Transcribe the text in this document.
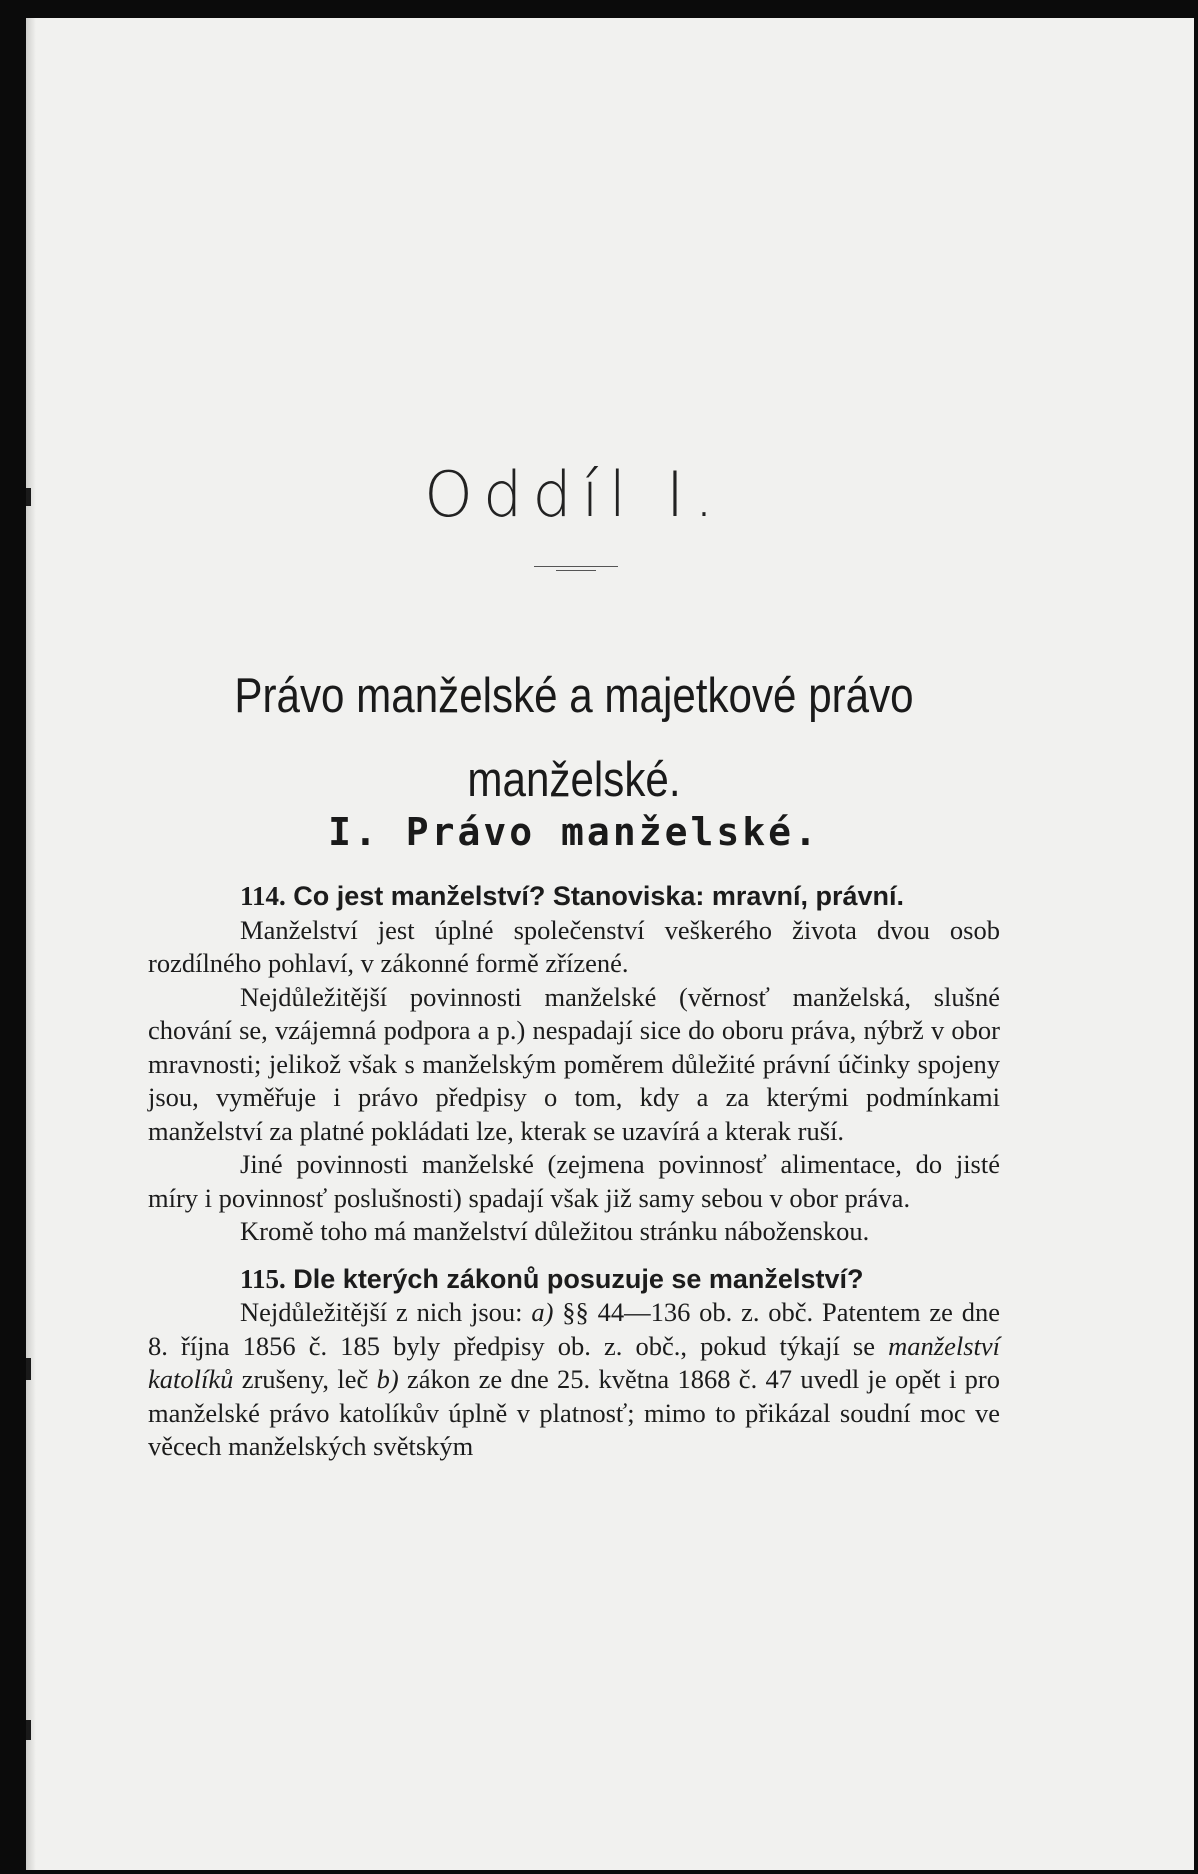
Oddíl I.
Právo manželské a majetkové právo manželské.
I. Právo manželské.
114. Co jest manželství? Stanoviska: mravní, právní.

Manželství jest úplné společenství veškerého života dvou osob rozdílného pohlaví, v zákonné formě zřízené.

Nejdůležitější povinnosti manželské (věrnosť manželská, slušné chování se, vzájemná podpora a p.) nespadají sice do oboru práva, nýbrž v obor mravnosti; jelikož však s manželským poměrem důležité právní účinky spojeny jsou, vyměřuje i právo předpisy o tom, kdy a za kterými podmínkami manželství za platné pokládati lze, kterak se uzavírá a kterak ruší.

Jiné povinnosti manželské (zejmena povinnosť alimentace, do jisté míry i povinnosť poslušnosti) spadají však již samy sebou v obor práva.

Kromě toho má manželství důležitou stránku náboženskou.

115. Dle kterých zákonů posuzuje se manželství?

Nejdůležitější z nich jsou: a) §§ 44—136 ob. z. obč. Patentem ze dne 8. října 1856 č. 185 byly předpisy ob. z. obč., pokud týkají se manželství katolíků zrušeny, leč b) zákon ze dne 25. května 1868 č. 47 uvedl je opět i pro manželské právo katolíkův úplně v platnosť; mimo to přikázal soudní moc ve věcech manželských světským
